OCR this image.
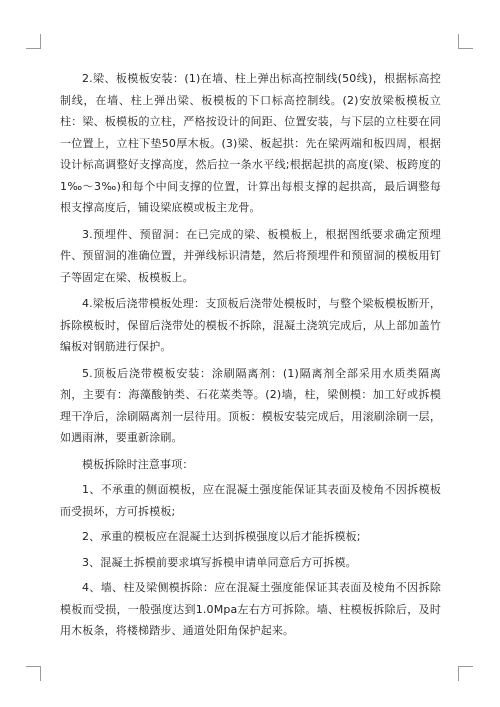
2.梁、板模板安装：(1)在墙、柱上弹出标高控制线(50线)，根据标高控制线，在墙、柱上弹出梁、板模板的下口标高控制线。(2)安放梁板模板立柱：梁、板模板的立柱，严格按设计的间距、位置安装，与下层的立柱要在同一位置上，立柱下垫50厚木板。(3)梁、板起拱：先在梁两端和板四周，根据设计标高调整好支撑高度，然后拉一条水平线;根据起拱的高度(梁、板跨度的1‰～3‰)和每个中间支撑的位置，计算出每根支撑的起拱高，最后调整每根支撑高度后，铺设梁底模或板主龙骨。

3.预埋件、预留洞：在已完成的梁、板模板上，根据图纸要求确定预埋件、预留洞的准确位置，并弹线标识清楚，然后将预埋件和预留洞的模板用钉子等固定在梁、板模板上。

4.梁板后浇带模板处理：支顶板后浇带处模板时，与整个梁板模板断开，拆除模板时，保留后浇带处的模板不拆除，混凝土浇筑完成后，从上部加盖竹编板对钢筋进行保护。

5.顶板后浇带模板安装：涂刷隔离剂：(1)隔离剂全部采用水质类隔离剂，主要有：海藻酸钠类、石花菜类等。(2)墙，柱，梁侧模：加工好或拆模理干净后，涂刷隔离剂一层待用。顶板：模板安装完成后，用滚刷涂刷一层，如遇雨淋，要重新涂刷。

模板拆除时注意事项：

1、不承重的侧面模板，应在混凝土强度能保证其表面及棱角不因拆模板而受损坏，方可拆模板;

2、承重的模板应在混凝土达到拆模强度以后才能拆模板;

3、混凝土拆模前要求填写拆模申请单同意后方可拆模。

4、墙、柱及梁侧模拆除：应在混凝土强度能保证其表面及棱角不因拆除模板而受损，一般强度达到1.0Mpa左右方可拆除。墙、柱模板拆除后，及时用木板条，将楼梯踏步、通道处阳角保护起来。
